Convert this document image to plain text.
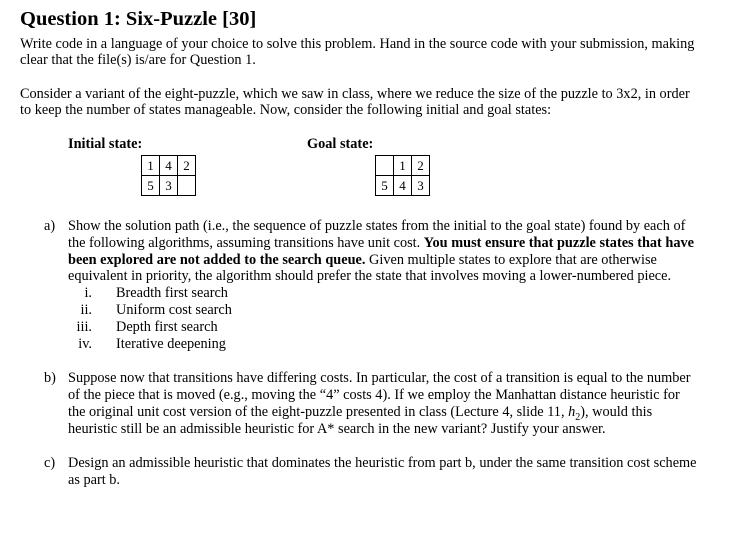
Question 1: Six-Puzzle [30]
Write code in a language of your choice to solve this problem. Hand in the source code with your submission, making
clear that the file(s) is/are for Question 1.
Consider a variant of the eight-puzzle, which we saw in class, where we reduce the size of the puzzle to 3x2, in order
to keep the number of states manageable. Now, consider the following initial and goal states:
Initial state:	Goal state:
1	4	2
5	3	
	1	2
5	4	3
a) Show the solution path (i.e., the sequence of puzzle states from the initial to the goal state) found by each of
the following algorithms, assuming transitions have unit cost. You must ensure that puzzle states that have
been explored are not added to the search queue. Given multiple states to explore that are otherwise
equivalent in priority, the algorithm should prefer the state that involves moving a lower-numbered piece.
i. Breadth first search
ii. Uniform cost search
iii. Depth first search
iv. Iterative deepening
b) Suppose now that transitions have differing costs. In particular, the cost of a transition is equal to the number
of the piece that is moved (e.g., moving the “4” costs 4). If we employ the Manhattan distance heuristic for
the original unit cost version of the eight-puzzle presented in class (Lecture 4, slide 11, $h_2$), would this
heuristic still be an admissible heuristic for A* search in the new variant? Justify your answer.
c) Design an admissible heuristic that dominates the heuristic from part b, under the same transition cost scheme
as part b.
